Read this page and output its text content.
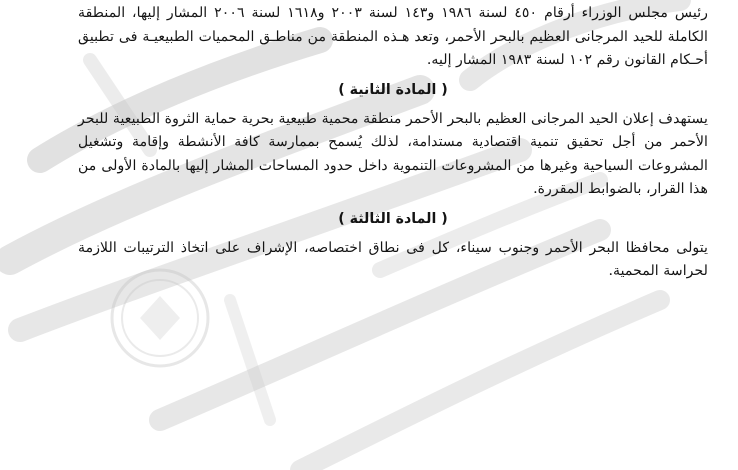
رئيس مجلس الوزراء أرقام ٤٥٠ لسنة ١٩٨٦ و١٤٣ لسنة ٢٠٠٣ و١٦١٨ لسنة ٢٠٠٦ المشار إليها، المنطقة الكاملة للحيد المرجانى العظيم بالبحر الأحمر، وتعد هـذه المنطقة من مناطـق المحميات الطبيعيـة فى تطبيق أحـكام القانون رقم ١٠٢ لسنة ١٩٨٣ المشار إليه.

( المادة الثانية )

يستهدف إعلان الحيد المرجانى العظيم بالبحر الأحمر منطقة محمية طبيعية بحرية حماية الثروة الطبيعية للبحر الأحمر من أجل تحقيق تنمية اقتصادية مستدامة، لذلك يُسمح بممارسة كافة الأنشطة وإقامة وتشغيل المشروعات السياحية وغيرها من المشروعات التنموية داخل حدود المساحات المشار إليها بالمادة الأولى من هذا القرار، بالضوابط المقررة.

( المادة الثالثة )

يتولى محافظا البحر الأحمر وجنوب سيناء، كل فى نطاق اختصاصه، الإشراف على اتخاذ الترتيبات اللازمة لحراسة المحمية.
